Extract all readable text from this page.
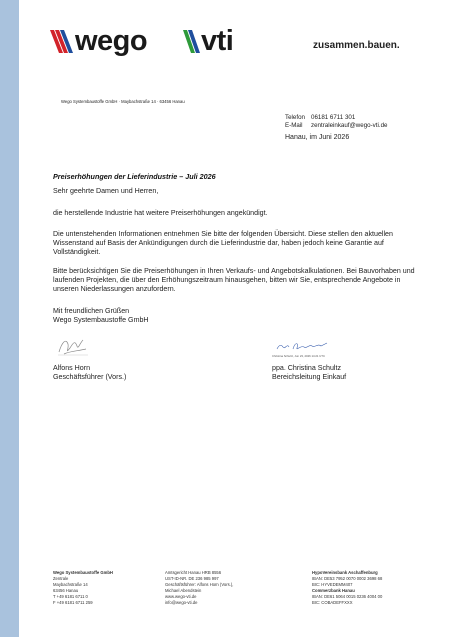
wego vti	zusammen.bauen.
Wego Systembaustoffe GmbH · Maybachstraße 14 · 63456 Hanau
Telefon 06181 6711 301
E-Mail	zentraleinkauf@wego-vti.de
Hanau, im Juni 2026
Preiserhöhungen der Lieferindustrie – Juli 2026
Sehr geehrte Damen und Herren,
die herstellende Industrie hat weitere Preiserhöhungen angekündigt.
Die untenstehenden Informationen entnehmen Sie bitte der folgenden Übersicht. Diese stellen den aktuellen Wissenstand auf Basis der Ankündigungen durch die Lieferindustrie dar, haben jedoch keine Garantie auf Vollständigkeit.
Bitte berücksichtigen Sie die Preiserhöhungen in Ihren Verkaufs- und Angebotskalkulationen. Bei Bauvorhaben und laufenden Projekten, die über den Erhöhungszeitraum hinausgehen, bitten wir Sie, entsprechende Angebote in unseren Niederlassungen anzufordern.
Mit freundlichen Grüßen
Wego Systembaustoffe GmbH
Christina Schultz, Jun 23, 2026 14:21 UTC
Alfons Horn
Geschäftsführer (Vors.)
ppa. Christina Schultz
Bereichsleitung Einkauf
Wego Systembaustoffe GmbH
Zentrale
Maybachstraße 14
63456 Hanau
T +49 6181 6711 0
F +49 6181 6711 259
Amtsgericht Hanau HRB 8556
UST-ID-NR. DE 236 985 997
Geschäftsführer: Alfons Horn (Vors.),
Michael Abendstein
www.wego-vti.de
info@wego-vti.de
HypoVereinsbank Aschaffenburg
IBAN: DE53 7952 0070 0002 3698 68
BIC: HYVEDEMM407
Commerzbank Hanau
IBAN: DE61 5064 0015 0236 4004 00
BIC: COBADEFFXXX
